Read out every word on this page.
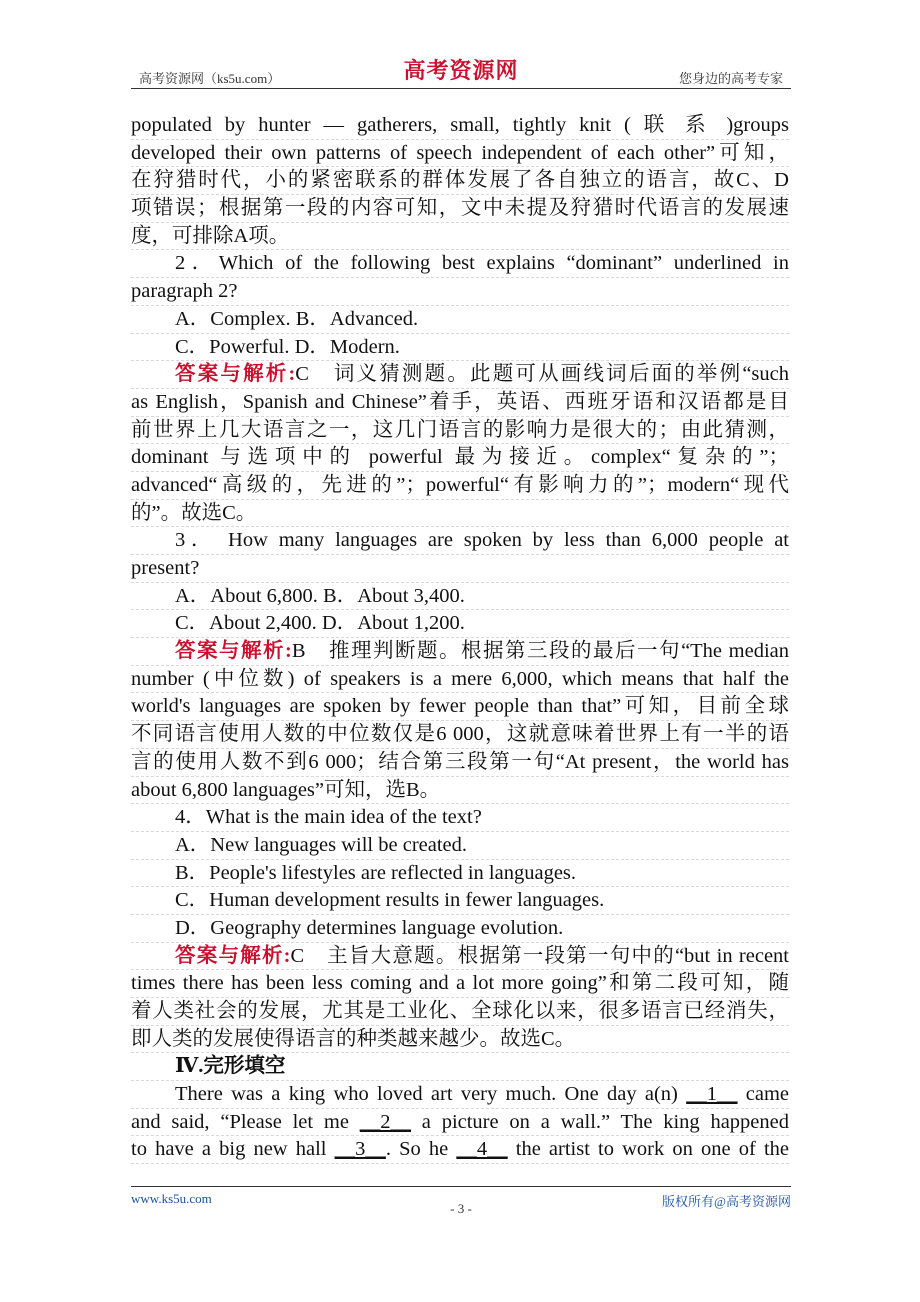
高考资源网（ks5u.com）	高考资源网	您身边的高考专家
populated by hunter — gatherers, small, tightly knit ( 联 系 )groups
developed their own patterns of speech independent of each other”可知，
在狩猎时代，小的紧密联系的群体发展了各自独立的语言，故C、D
项错误；根据第一段的内容可知，文中未提及狩猎时代语言的发展速
度，可排除A项。
2．Which of the following best explains “dominant” underlined in
paragraph 2?
A．Complex. B．Advanced.
C．Powerful. D．Modern.
答案与解析:C　词义猜测题。此题可从画线词后面的举例“such
as English，Spanish and Chinese”着手，英语、西班牙语和汉语都是目
前世界上几大语言之一，这几门语言的影响力是很大的；由此猜测，
dominant 与选项中的 powerful 最为接近。complex“复杂的”；
advanced“高级的，先进的”；powerful“有影响力的”；modern“现代
的”。故选C。
3． How many languages are spoken by less than 6,000 people at
present?
A．About 6,800. B．About 3,400.
C．About 2,400. D．About 1,200.
答案与解析:B　推理判断题。根据第三段的最后一句“The median
number (中位数) of speakers is a mere 6,000, which means that half the
world's languages are spoken by fewer people than that”可知，目前全球
不同语言使用人数的中位数仅是6 000，这就意味着世界上有一半的语
言的使用人数不到6 000；结合第三段第一句“At present，the world has
about 6,800 languages”可知，选B。
4．What is the main idea of the text?
A．New languages will be created.
B．People's lifestyles are reflected in languages.
C．Human development results in fewer languages.
D．Geography determines language evolution.
答案与解析:C　主旨大意题。根据第一段第一句中的“but in recent
times there has been less coming and a lot more going”和第二段可知，随
着人类社会的发展，尤其是工业化、全球化以来，很多语言已经消失，
即人类的发展使得语言的种类越来越少。故选C。
Ⅳ.完形填空
There was a king who loved art very much. One day a(n) __1__ came
and said, “Please let me __2__ a picture on a wall.” The king happened
to have a big new hall __3__. So he __4__ the artist to work on one of the
www.ks5u.com
- 3 -	版权所有@高考资源网
